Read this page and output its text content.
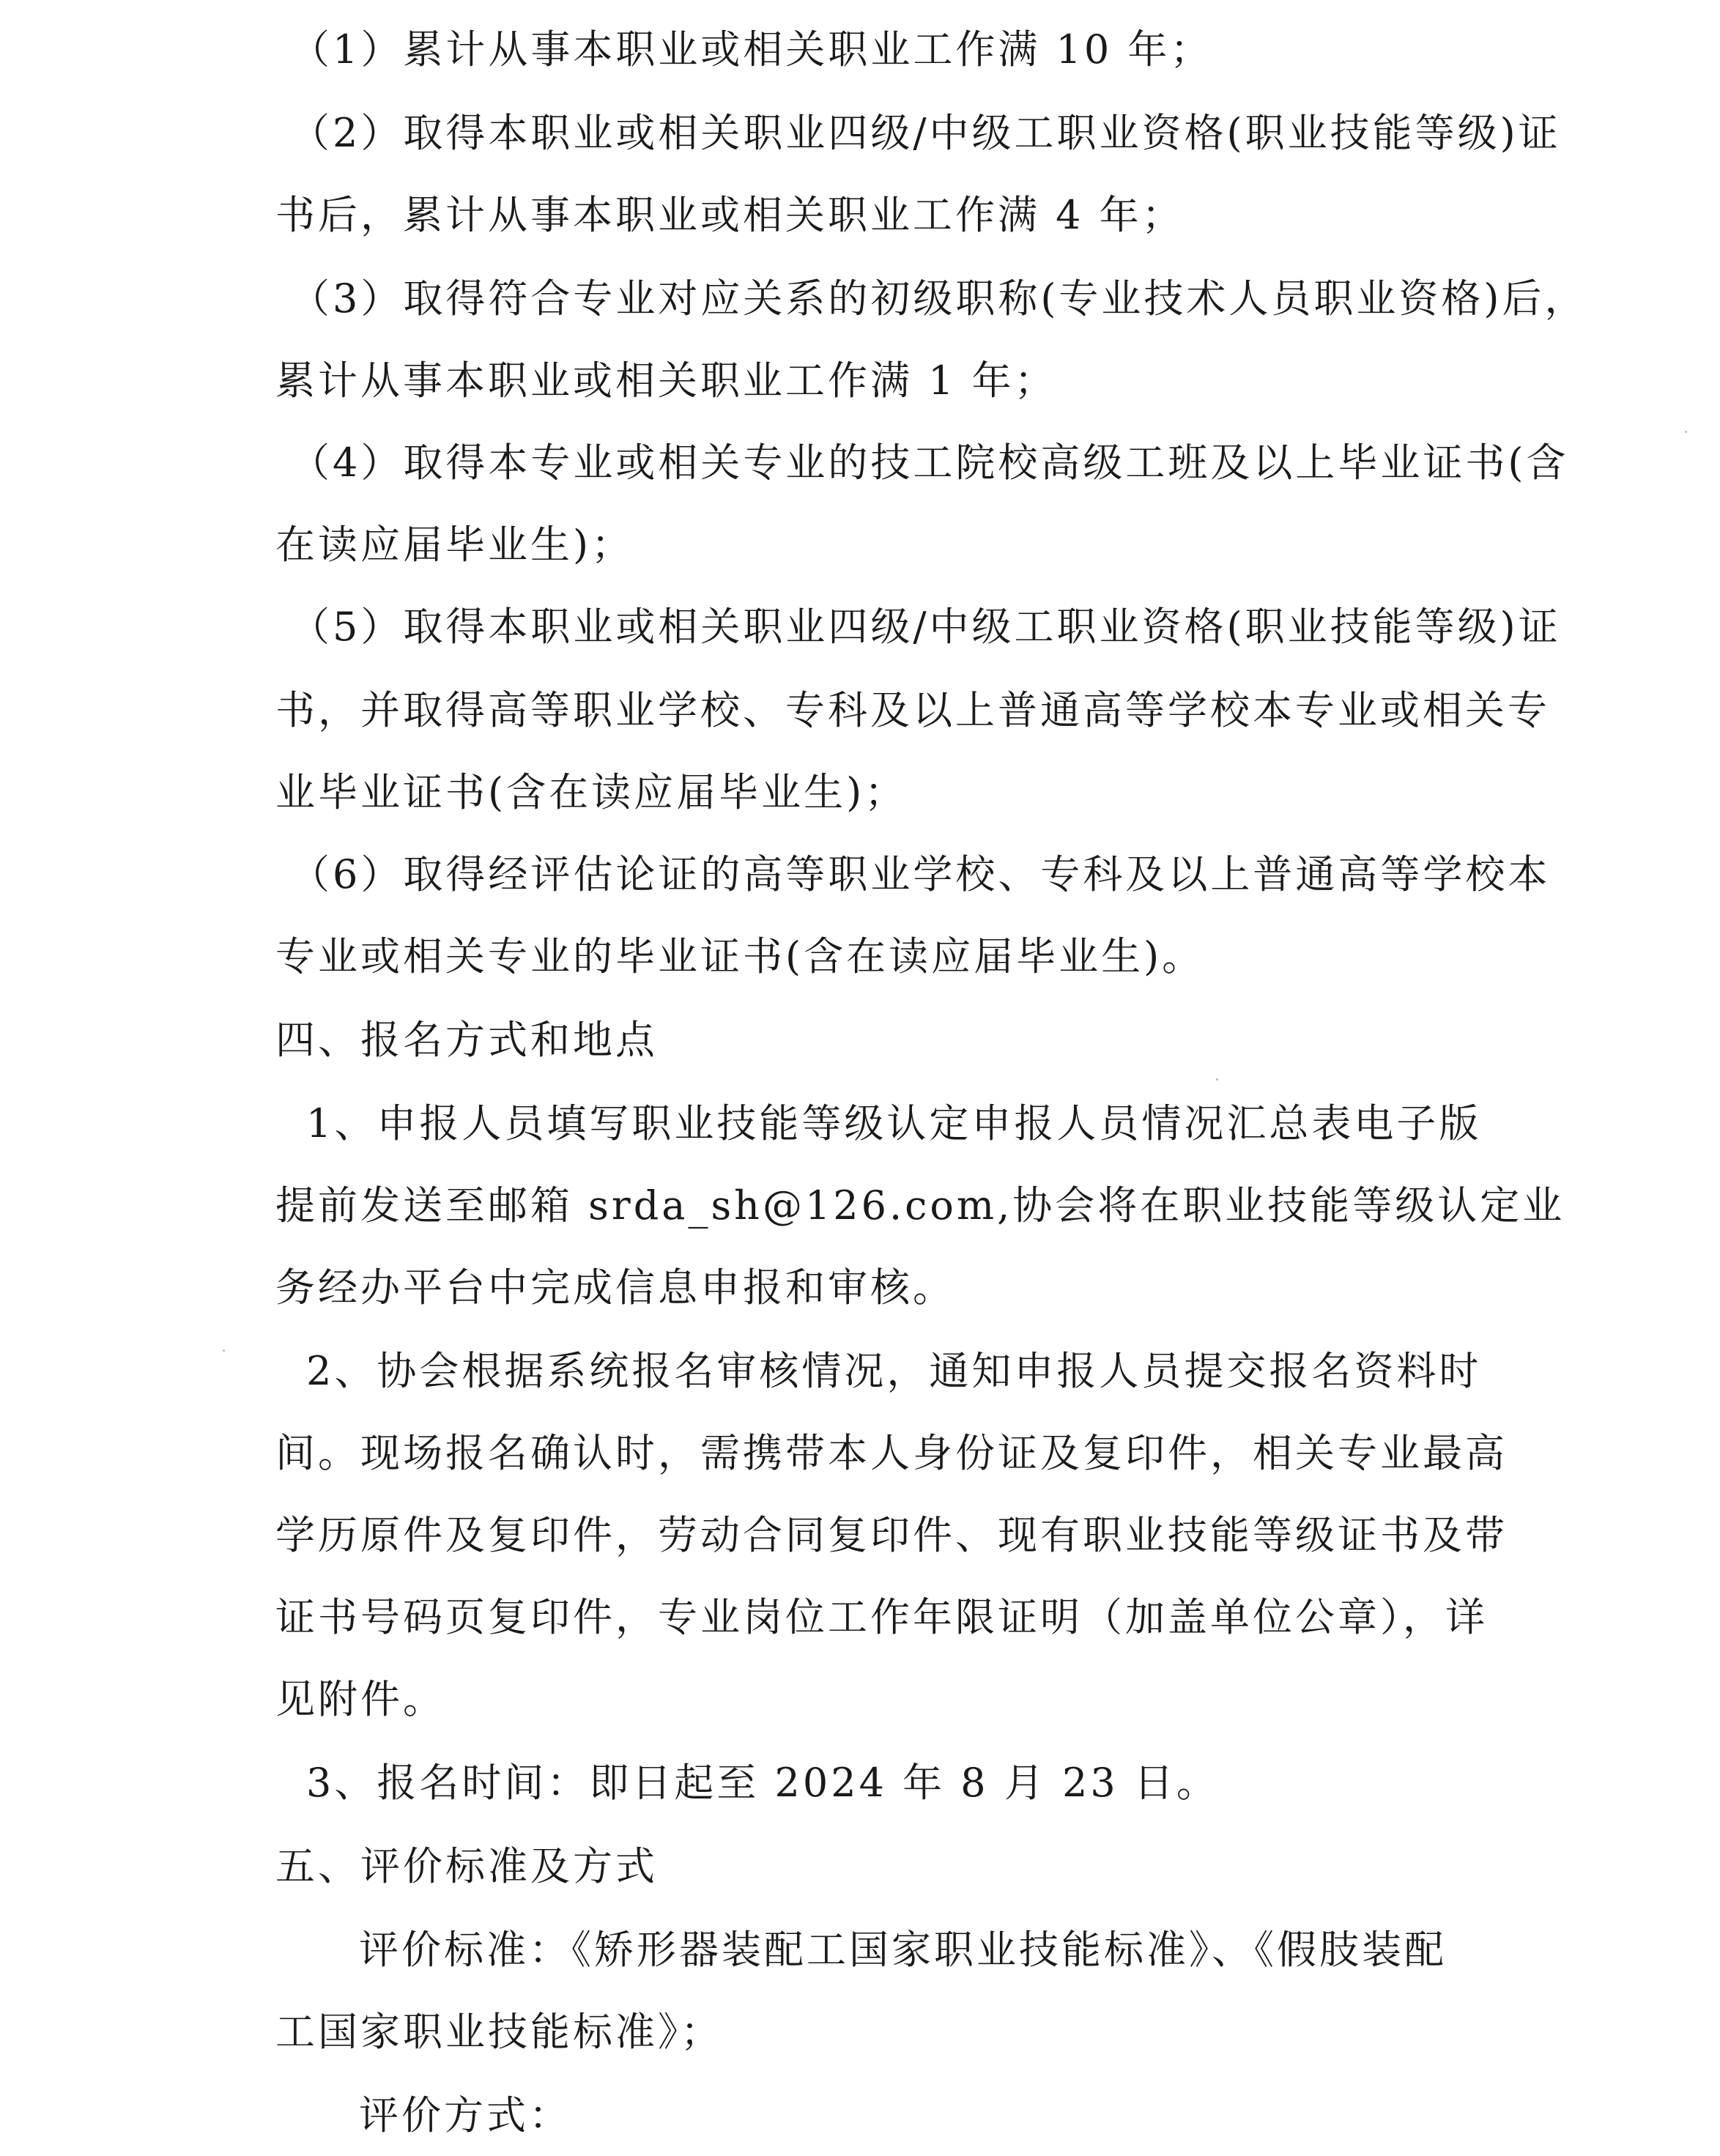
（1）累计从事本职业或相关职业工作满 10 年；
（2）取得本职业或相关职业四级/中级工职业资格(职业技能等级)证
书后，累计从事本职业或相关职业工作满 4 年；
（3）取得符合专业对应关系的初级职称(专业技术人员职业资格)后，
累计从事本职业或相关职业工作满 1 年；
（4）取得本专业或相关专业的技工院校高级工班及以上毕业证书(含
在读应届毕业生)；
（5）取得本职业或相关职业四级/中级工职业资格(职业技能等级)证
书，并取得高等职业学校、专科及以上普通高等学校本专业或相关专
业毕业证书(含在读应届毕业生)；
（6）取得经评估论证的高等职业学校、专科及以上普通高等学校本
专业或相关专业的毕业证书(含在读应届毕业生)。
四、报名方式和地点
1、申报人员填写职业技能等级认定申报人员情况汇总表电子版
提前发送至邮箱 srda_sh@126.com,协会将在职业技能等级认定业
务经办平台中完成信息申报和审核。
2、协会根据系统报名审核情况，通知申报人员提交报名资料时
间。现场报名确认时，需携带本人身份证及复印件，相关专业最高
学历原件及复印件，劳动合同复印件、现有职业技能等级证书及带
证书号码页复印件，专业岗位工作年限证明（加盖单位公章），详
见附件。
3、报名时间：即日起至 2024 年 8 月 23 日。
五、评价标准及方式
评价标准：《矫形器装配工国家职业技能标准》、《假肢装配
工国家职业技能标准》；
评价方式：
